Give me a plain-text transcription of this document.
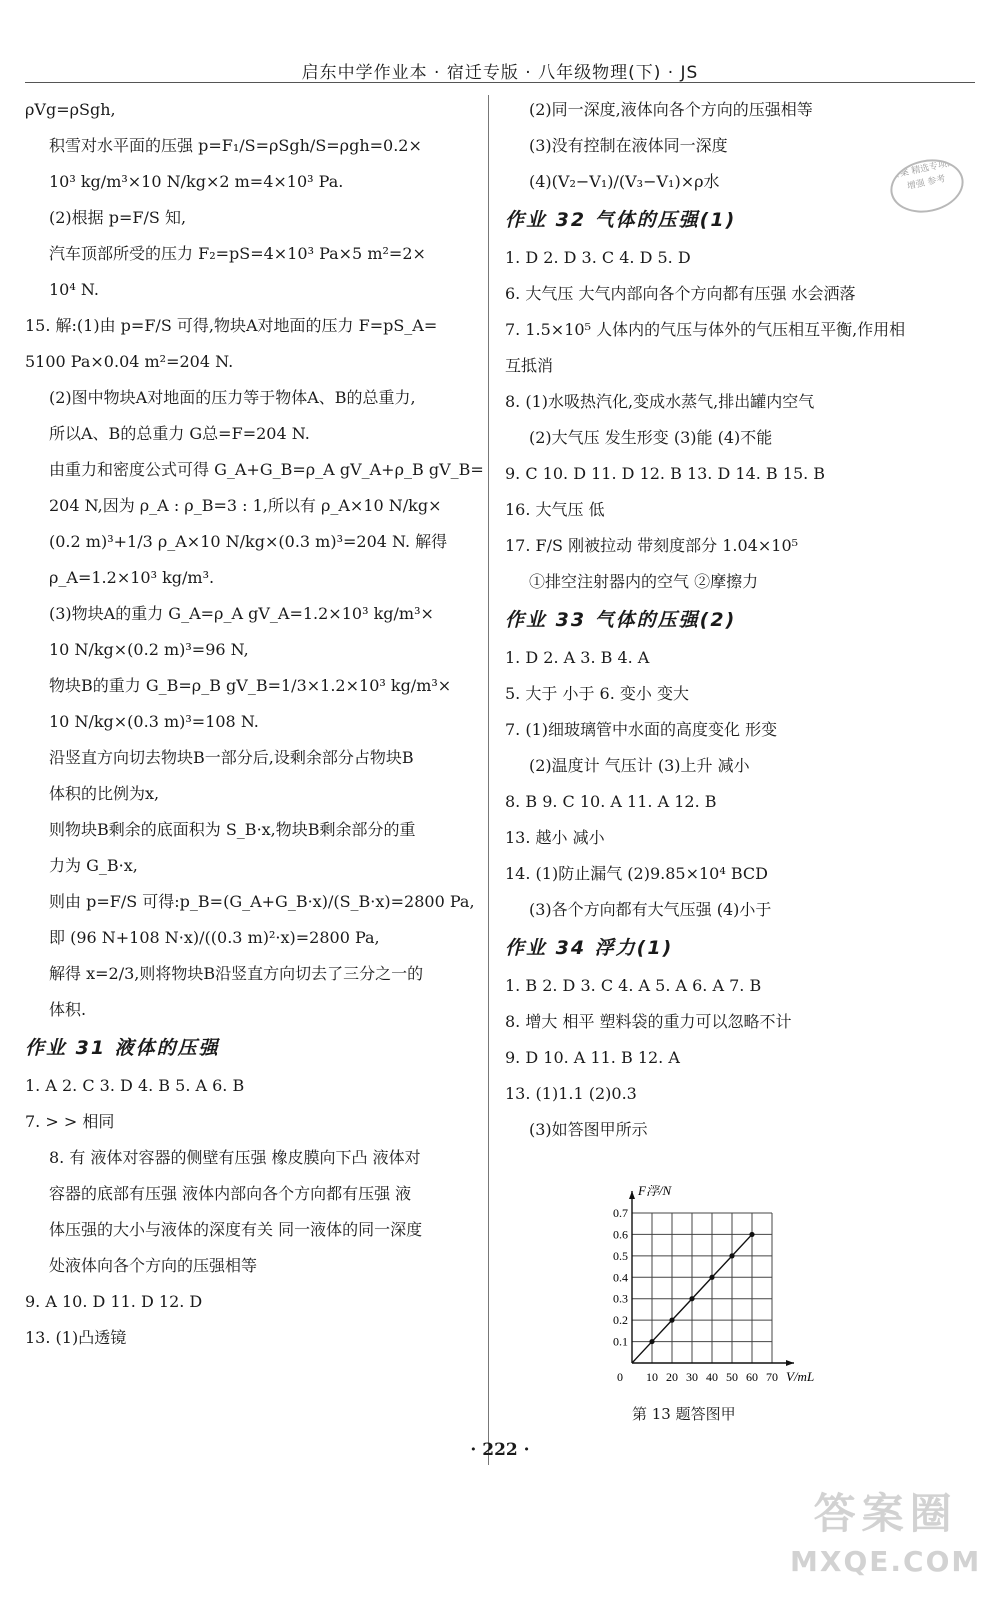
启东中学作业本 · 宿迁专版 · 八年级物理(下) · JS
ρVg=ρSgh,
积雪对水平面的压强 p=F₁/S=ρSgh/S=ρgh=0.2×
10³ kg/m³×10 N/kg×2 m=4×10³ Pa.
(2)根据 p=F/S 知,
汽车顶部所受的压力 F₂=pS=4×10³ Pa×5 m²=2×
10⁴ N.
15. 解:(1)由 p=F/S 可得,物块A对地面的压力 F=pS_A=
5100 Pa×0.04 m²=204 N.
(2)图中物块A对地面的压力等于物体A、B的总重力,
所以A、B的总重力 G总=F=204 N.
由重力和密度公式可得 G_A+G_B=ρ_A gV_A+ρ_B gV_B=
204 N,因为 ρ_A : ρ_B=3 : 1,所以有 ρ_A×10 N/kg×
(0.2 m)³+1/3 ρ_A×10 N/kg×(0.3 m)³=204 N. 解得
ρ_A=1.2×10³ kg/m³.
(3)物块A的重力 G_A=ρ_A gV_A=1.2×10³ kg/m³×
10 N/kg×(0.2 m)³=96 N,
物块B的重力 G_B=ρ_B gV_B=1/3×1.2×10³ kg/m³×
10 N/kg×(0.3 m)³=108 N.
沿竖直方向切去物块B一部分后,设剩余部分占物块B
体积的比例为x,
则物块B剩余的底面积为 S_B·x,物块B剩余部分的重
力为 G_B·x,
则由 p=F/S 可得:p_B=(G_A+G_B·x)/(S_B·x)=2800 Pa,
即 (96 N+108 N·x)/((0.3 m)²·x)=2800 Pa,
解得 x=2/3,则将物块B沿竖直方向切去了三分之一的
体积.
作业 31 液体的压强
1. A 2. C 3. D 4. B 5. A 6. B
7. > > 相同
8. 有 液体对容器的侧壁有压强 橡皮膜向下凸 液体对
容器的底部有压强 液体内部向各个方向都有压强 液
体压强的大小与液体的深度有关 同一液体的同一深度
处液体向各个方向的压强相等
9. A 10. D 11. D 12. D
13. (1)凸透镜
(2)同一深度,液体向各个方向的压强相等
(3)没有控制在液体同一深度
(4)(V₂−V₁)/(V₃−V₁)×ρ水
作业 32 气体的压强(1)
1. D 2. D 3. C 4. D 5. D
6. 大气压 大气内部向各个方向都有压强 水会洒落
7. 1.5×10⁵ 人体内的气压与体外的气压相互平衡,作用相
互抵消
8. (1)水吸热汽化,变成水蒸气,排出罐内空气
(2)大气压 发生形变 (3)能 (4)不能
9. C 10. D 11. D 12. B 13. D 14. B 15. B
16. 大气压 低
17. F/S 刚被拉动 带刻度部分 1.04×10⁵
①排空注射器内的空气 ②摩擦力
作业 33 气体的压强(2)
1. D 2. A 3. B 4. A
5. 大于 小于 6. 变小 变大
7. (1)细玻璃管中水面的高度变化 形变
(2)温度计 气压计 (3)上升 减小
8. B 9. C 10. A 11. A 12. B
13. 越小 减小
14. (1)防止漏气 (2)9.85×10⁴ BCD
(3)各个方向都有大气压强 (4)小于
作业 34 浮力(1)
1. B 2. D 3. C 4. A 5. A 6. A 7. B
8. 增大 相平 塑料袋的重力可以忽略不计
9. D 10. A 11. B 12. A
13. (1)1.1 (2)0.3
(3)如答图甲所示
答案 精选专项的 增强 参考
0 10 20 30 40 50 60 70
0.1
0.2
0.3
0.4
0.5
0.6
0.7
V/mL
F浮/N
第 13 题答图甲
· 222 ·
答案圈
MXQE.COM
